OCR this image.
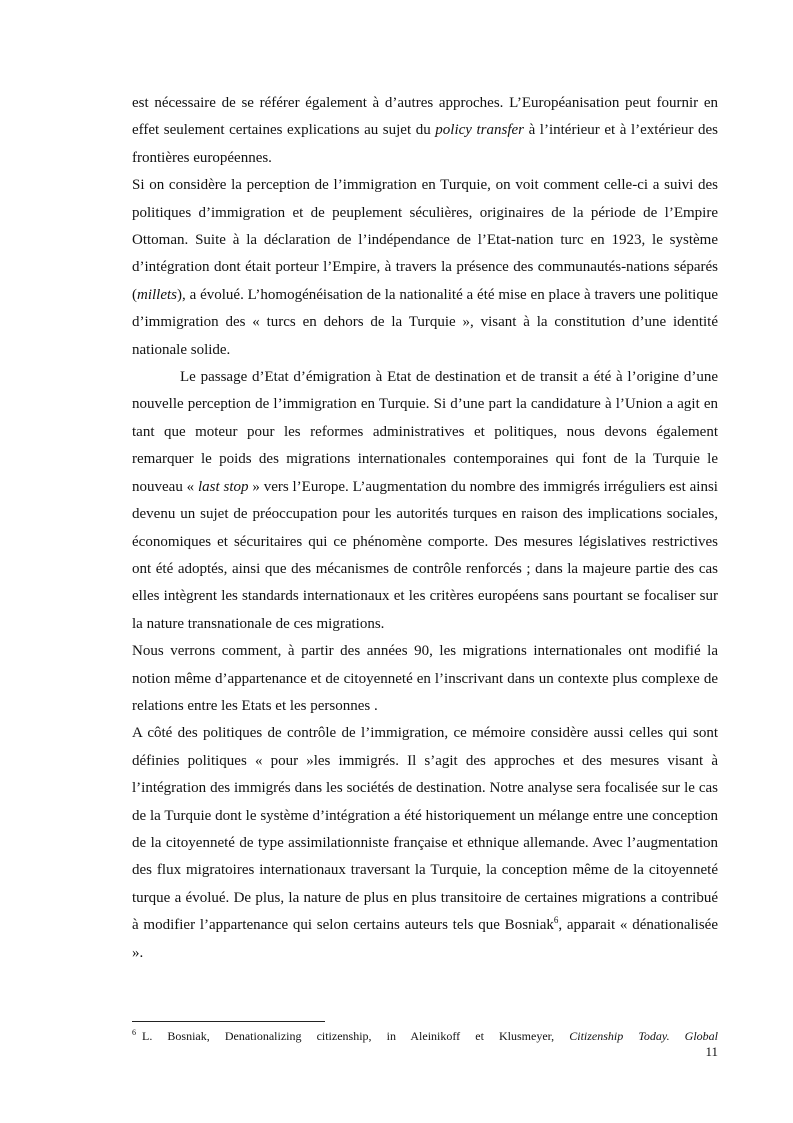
est nécessaire de se référer également à d’autres approches. L’Européanisation peut fournir en effet seulement certaines explications au sujet du policy transfer à l’intérieur et à l’extérieur des frontières européennes.

Si on considère la perception de l’immigration en Turquie, on voit comment celle-ci a suivi des politiques d’immigration et de peuplement séculières, originaires de la période de l’Empire Ottoman. Suite à la déclaration de l’indépendance de l’Etat-nation turc en 1923, le système d’intégration dont était porteur l’Empire, à travers la présence des communautés-nations séparés (millets), a évolué. L’homogénéisation de la nationalité a été mise en place à travers une politique d’immigration des « turcs en dehors de la Turquie », visant à la constitution d’une identité nationale solide.

Le passage d’Etat d’émigration à Etat de destination et de transit a été à l’origine d’une nouvelle perception de l’immigration en Turquie. Si d’une part la candidature à l’Union a agit en tant que moteur pour les reformes administratives et politiques, nous devons également remarquer le poids des migrations internationales contemporaines qui font de la Turquie le nouveau « last stop » vers l’Europe. L’augmentation du nombre des immigrés irréguliers est ainsi devenu un sujet de préoccupation pour les autorités turques en raison des implications sociales, économiques et sécuritaires qui ce phénomène comporte. Des mesures législatives restrictives ont été adoptés, ainsi que des mécanismes de contrôle renforcés ; dans la majeure partie des cas elles intègrent les standards internationaux et les critères européens sans pourtant se focaliser sur la nature transnationale de ces migrations.

Nous verrons comment, à partir des années 90, les migrations internationales ont modifié la notion même d’appartenance et de citoyenneté en l’inscrivant dans un contexte plus complexe de relations entre les Etats et les personnes .

A côté des politiques de contrôle de l’immigration, ce mémoire considère aussi celles qui sont définies politiques « pour »les immigrés. Il s’agit des approches et des mesures visant à l’intégration des immigrés dans les sociétés de destination. Notre analyse sera focalisée sur le cas de la Turquie dont le système d’intégration a été historiquement un mélange entre une conception de la citoyenneté de type assimilationniste française et ethnique allemande. Avec l’augmentation des flux migratoires internationaux traversant la Turquie, la conception même de la citoyenneté turque a évolué. De plus, la nature de plus en plus transitoire de certaines migrations a contribué à modifier l’appartenance qui selon certains auteurs tels que Bosniak$^6$, apparait « dénationalisée ».

$^6$ L. Bosniak, Denationalizing citizenship, in Aleinikoff et Klusmeyer, Citizenship Today. Global
11
